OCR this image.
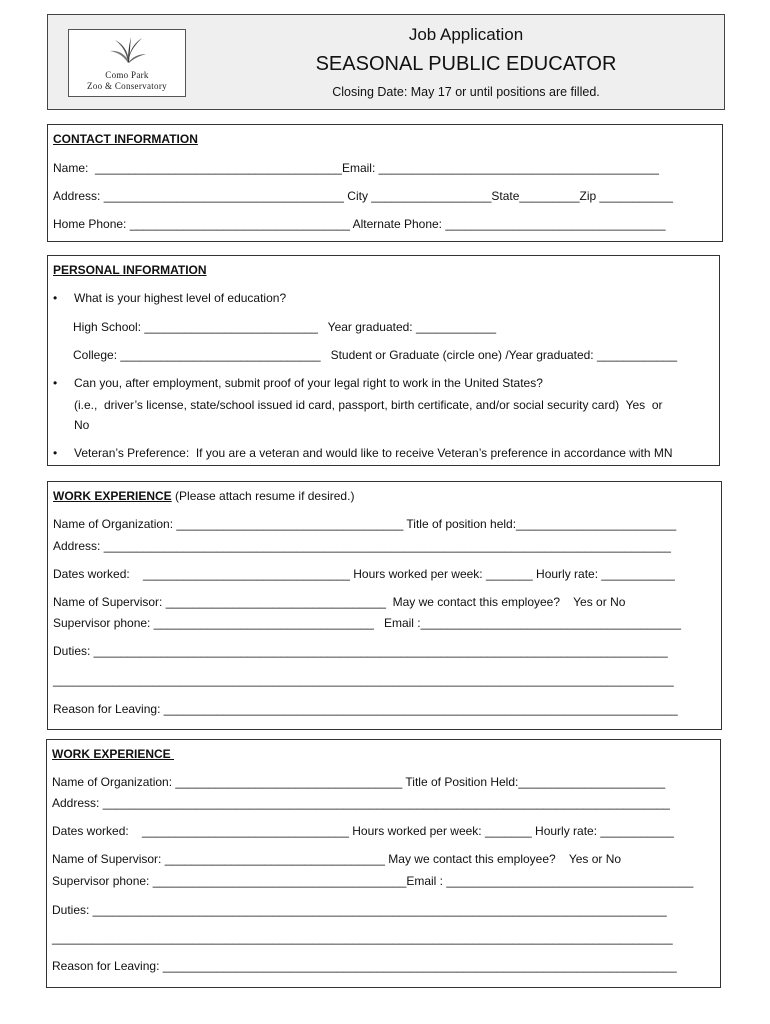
Como Park
Zoo & Conservatory
Job Application
SEASONAL PUBLIC EDUCATOR
Closing Date: May 17 or until positions are filled.
CONTACT INFORMATION
Name:  _____________________________________Email: __________________________________________
Address: ____________________________________ City __________________State_________Zip ___________
Home Phone: _________________________________ Alternate Phone: _________________________________
PERSONAL INFORMATION
• What is your highest level of education?
High School: __________________________   Year graduated: ____________
College: ______________________________   Student or Graduate (circle one) /Year graduated: ____________
• Can you, after employment, submit proof of your legal right to work in the United States?
(i.e.,  driver’s license, state/school issued id card, passport, birth certificate, and/or social security card)  Yes  or
No
• Veteran’s Preference:  If you are a veteran and would like to receive Veteran’s preference in accordance with MN
WORK EXPERIENCE (Please attach resume if desired.)
Name of Organization: __________________________________ Title of position held:________________________
Address: _____________________________________________________________________________________
Dates worked:    _______________________________ Hours worked per week: _______ Hourly rate: ___________
Name of Supervisor: _________________________________  May we contact this employee?    Yes or No
Supervisor phone: _________________________________   Email :_______________________________________
Duties: ______________________________________________________________________________________
_____________________________________________________________________________________________
Reason for Leaving: _____________________________________________________________________________
WORK EXPERIENCE
Name of Organization: __________________________________ Title of Position Held:______________________
Address: _____________________________________________________________________________________
Dates worked:    _______________________________ Hours worked per week: _______ Hourly rate: ___________
Name of Supervisor: _________________________________ May we contact this employee?    Yes or No
Supervisor phone: ______________________________________Email : _____________________________________
Duties: ______________________________________________________________________________________
_____________________________________________________________________________________________
Reason for Leaving: _____________________________________________________________________________
